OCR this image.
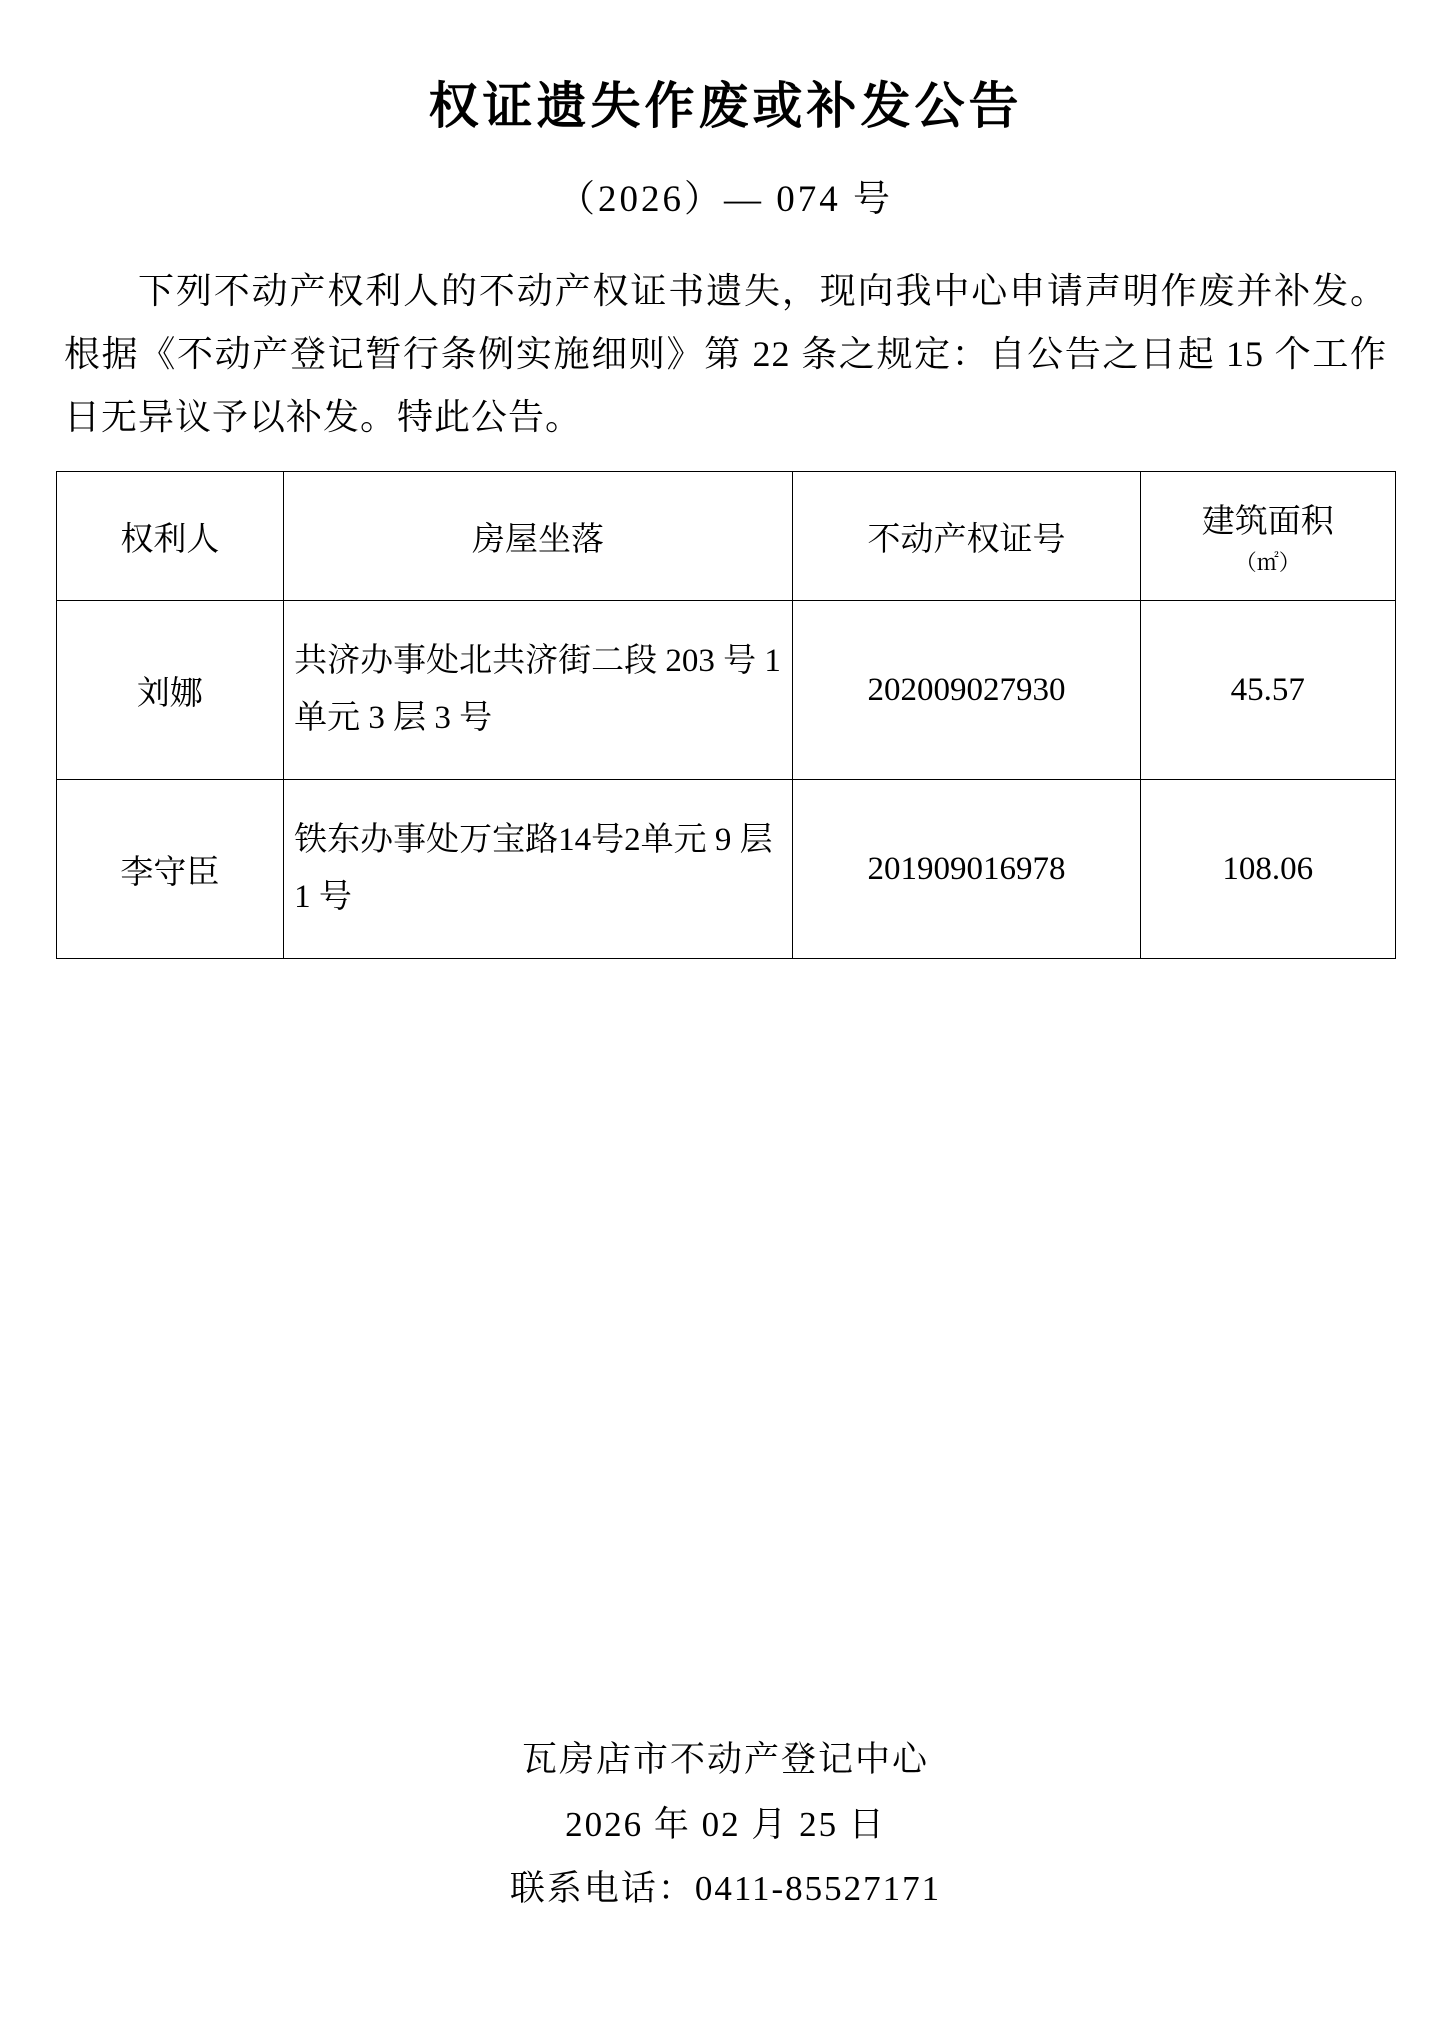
权证遗失作废或补发公告
（2026）— 074 号
下列不动产权利人的不动产权证书遗失，现向我中心申请声明作废并补发。根据《不动产登记暂行条例实施细则》第 22 条之规定：自公告之日起 15 个工作日无异议予以补发。特此公告。
权利人	房屋坐落	不动产权证号	建筑面积
（㎡）

刘娜	共济办事处北共济街二段 203 号 1 单元 3 层 3 号	202009027930	45.57
李守臣	铁东办事处万宝路14号2单元 9 层 1 号	201909016978	108.06
瓦房店市不动产登记中心
2026 年 02 月 25 日
联系电话：0411-85527171
